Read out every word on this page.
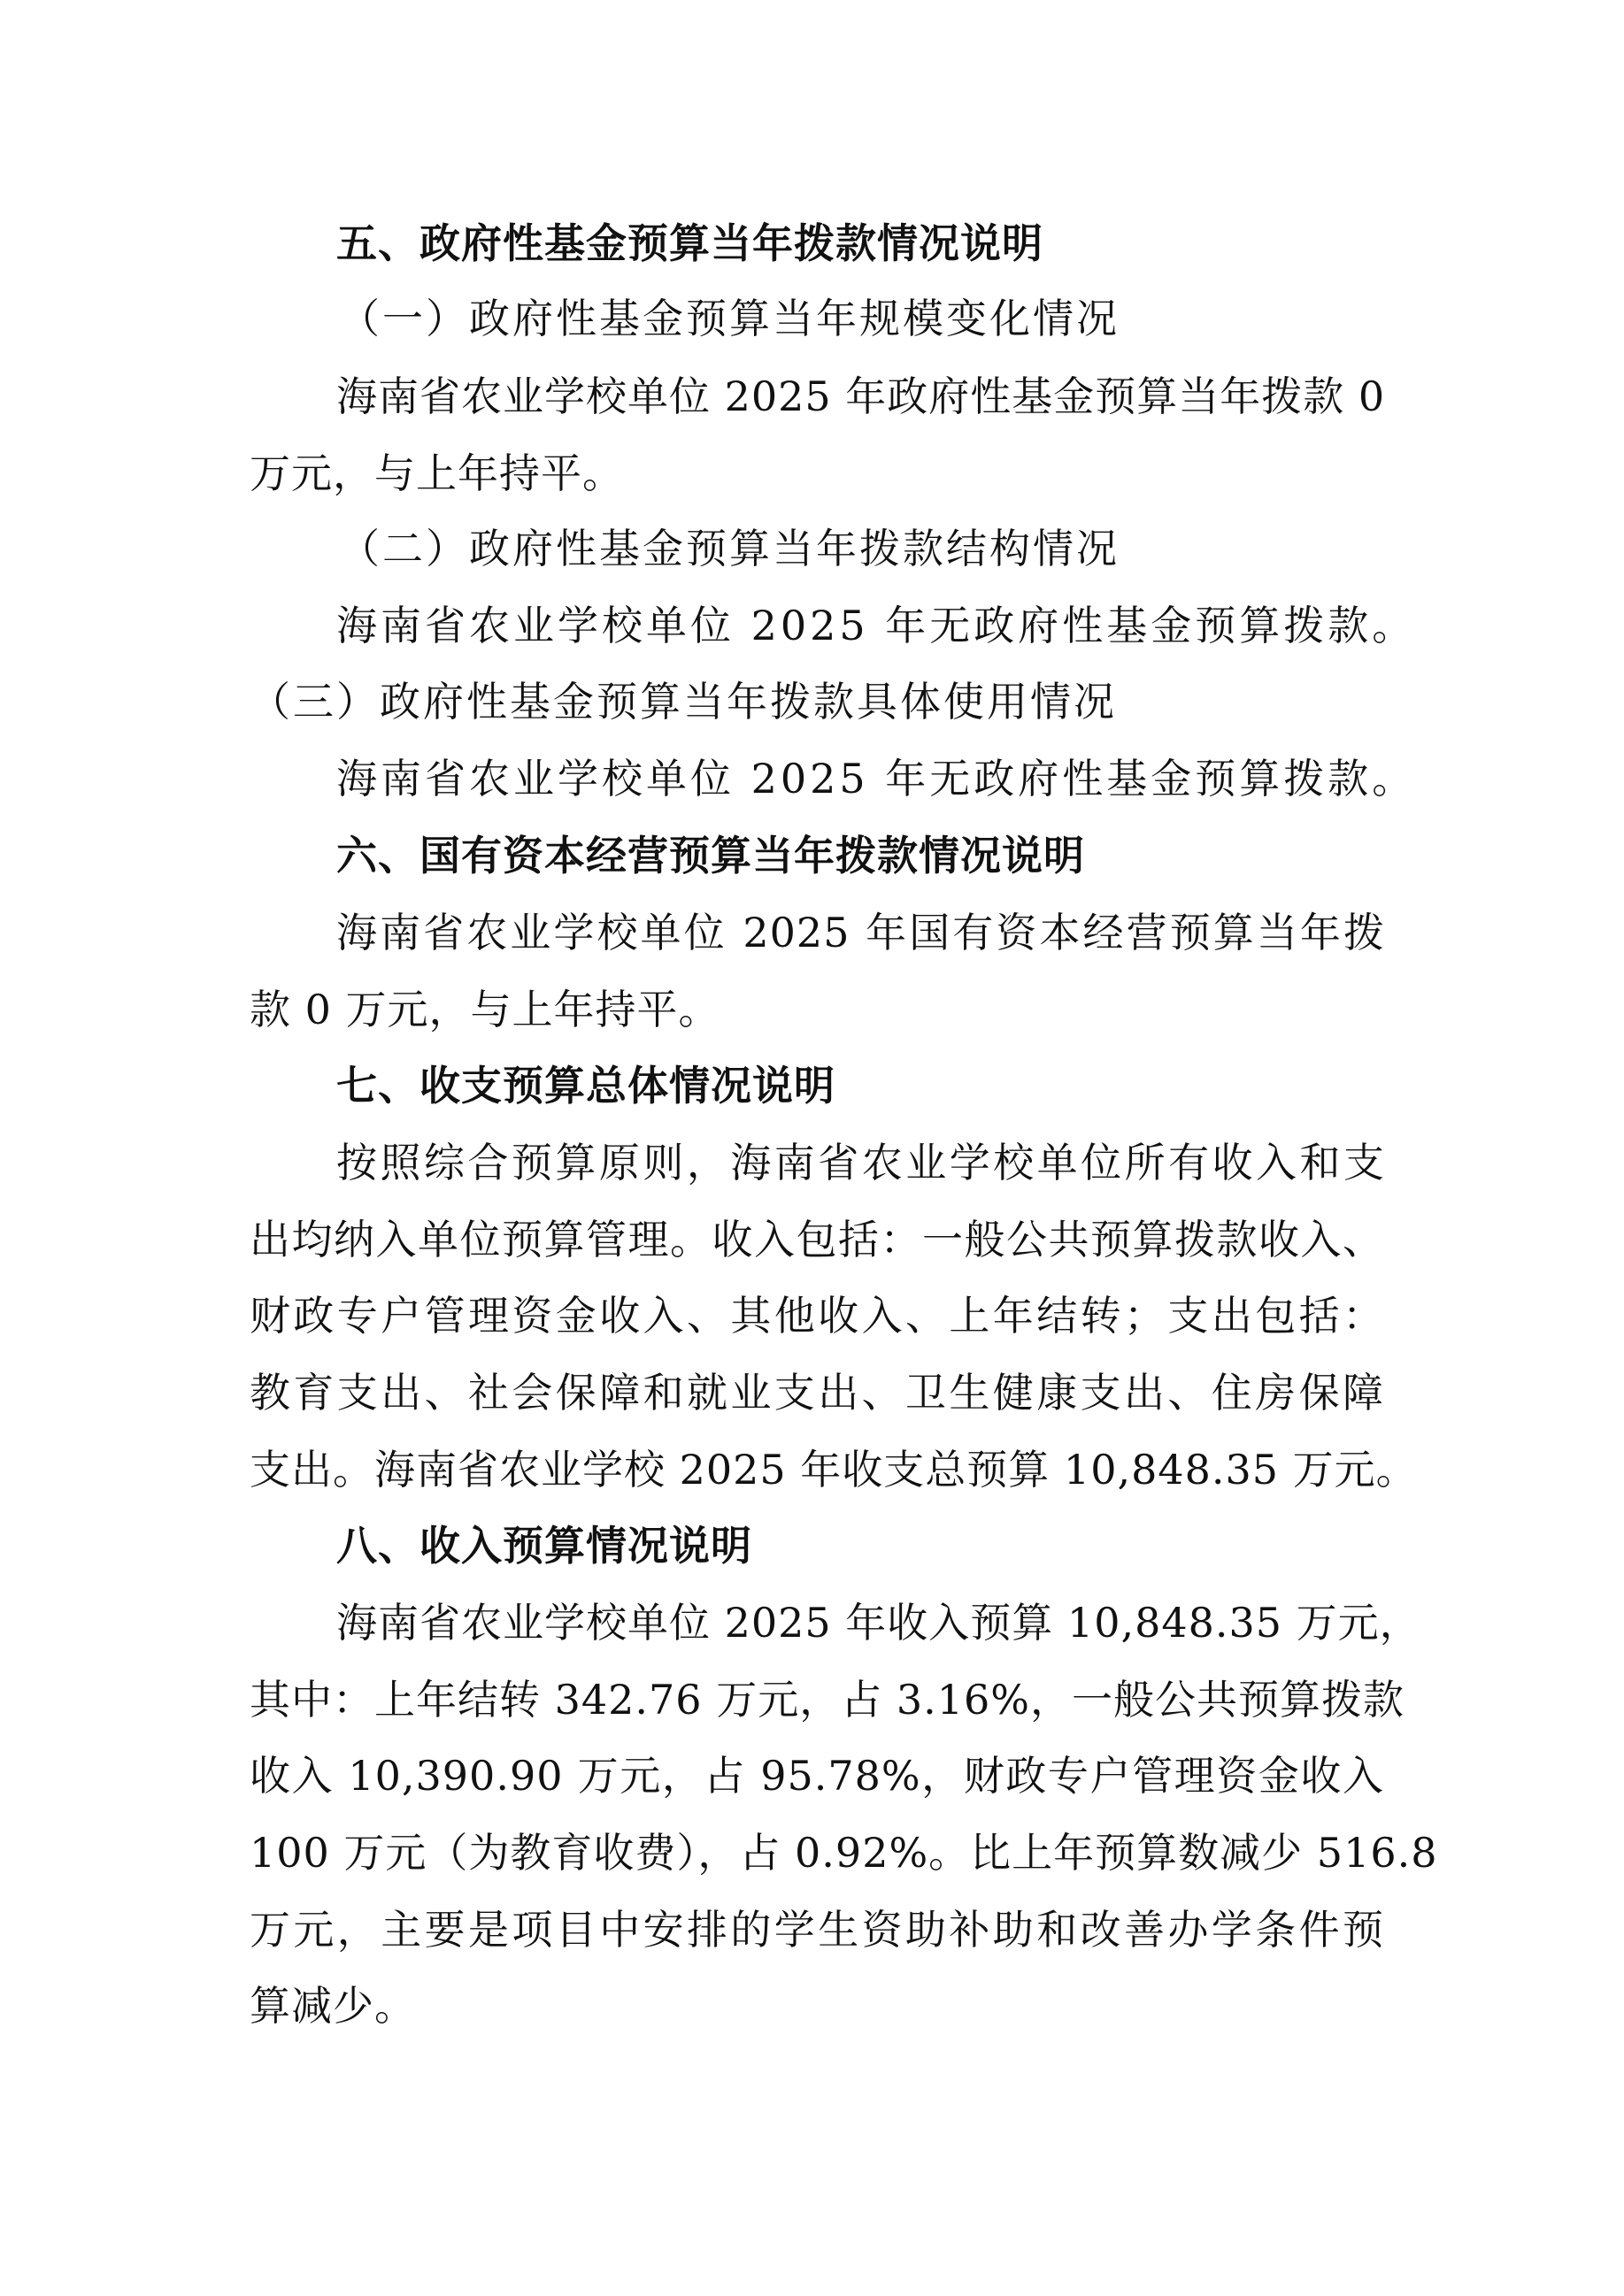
五、政府性基金预算当年拨款情况说明
（一）政府性基金预算当年规模变化情况
海南省农业学校单位 2025 年政府性基金预算当年拨款 0
万元，与上年持平。
（二）政府性基金预算当年拨款结构情况
海南省农业学校单位 2025 年无政府性基金预算拨款。
（三）政府性基金预算当年拨款具体使用情况
海南省农业学校单位 2025 年无政府性基金预算拨款。
六、国有资本经营预算当年拨款情况说明
海南省农业学校单位 2025 年国有资本经营预算当年拨
款 0 万元，与上年持平。
七、收支预算总体情况说明
按照综合预算原则，海南省农业学校单位所有收入和支
出均纳入单位预算管理。收入包括：一般公共预算拨款收入、
财政专户管理资金收入、其他收入、上年结转；支出包括：
教育支出、社会保障和就业支出、卫生健康支出、住房保障
支出。海南省农业学校 2025 年收支总预算 10,848.35 万元。
八、收入预算情况说明
海南省农业学校单位 2025 年收入预算 10,848.35 万元，
其中：上年结转 342.76 万元，占 3.16%，一般公共预算拨款
收入 10,390.90 万元，占 95.78%，财政专户管理资金收入
100 万元（为教育收费），占 0.92%。比上年预算数减少 516.8
万元，主要是项目中安排的学生资助补助和改善办学条件预
算减少。
